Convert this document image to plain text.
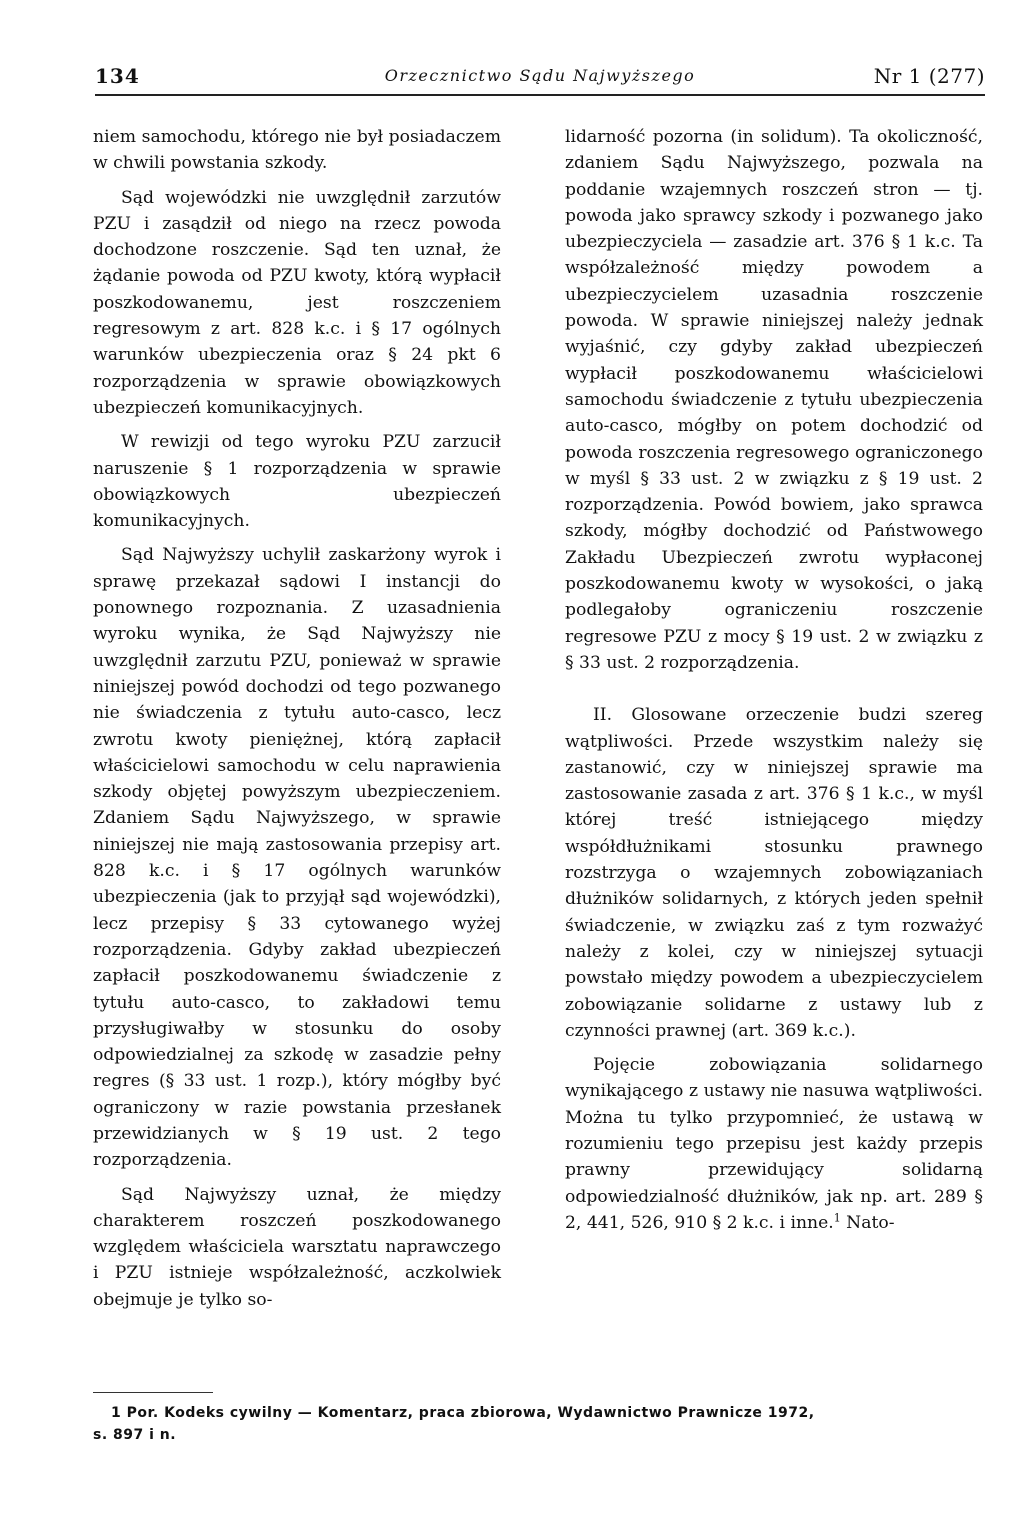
134	Orzecznictwo Sądu Najwyższego	Nr 1 (277)

niem samochodu, którego nie był posiadaczem w chwili powstania szkody.

Sąd wojewódzki nie uwzględnił zarzutów PZU i zasądził od niego na rzecz powoda dochodzone roszczenie. Sąd ten uznał, że żądanie powoda od PZU kwoty, którą wypłacił poszkodowanemu, jest roszczeniem regresowym z art. 828 k.c. i § 17 ogólnych warunków ubezpieczenia oraz § 24 pkt 6 rozporządzenia w sprawie obowiązkowych ubezpieczeń komunikacyjnych.

W rewizji od tego wyroku PZU zarzucił naruszenie § 1 rozporządzenia w sprawie obowiązkowych ubezpieczeń komunikacyjnych.

Sąd Najwyższy uchylił zaskarżony wyrok i sprawę przekazał sądowi I instancji do ponownego rozpoznania. Z uzasadnienia wyroku wynika, że Sąd Najwyższy nie uwzględnił zarzutu PZU, ponieważ w sprawie niniejszej powód dochodzi od tego pozwanego nie świadczenia z tytułu auto-casco, lecz zwrotu kwoty pieniężnej, którą zapłacił właścicielowi samochodu w celu naprawienia szkody objętej powyższym ubezpieczeniem. Zdaniem Sądu Najwyższego, w sprawie niniejszej nie mają zastosowania przepisy art. 828 k.c. i § 17 ogólnych warunków ubezpieczenia (jak to przyjął sąd wojewódzki), lecz przepisy § 33 cytowanego wyżej rozporządzenia. Gdyby zakład ubezpieczeń zapłacił poszkodowanemu świadczenie z tytułu auto-casco, to zakładowi temu przysługiwałby w stosunku do osoby odpowiedzialnej za szkodę w zasadzie pełny regres (§ 33 ust. 1 rozp.), który mógłby być ograniczony w razie powstania przesłanek przewidzianych w § 19 ust. 2 tego rozporządzenia.

Sąd Najwyższy uznał, że między charakterem roszczeń poszkodowanego względem właściciela warsztatu naprawczego i PZU istnieje współzależność, aczkolwiek obejmuje je tylko so-

lidarność pozorna (in solidum). Ta okoliczność, zdaniem Sądu Najwyższego, pozwala na poddanie wzajemnych roszczeń stron — tj. powoda jako sprawcy szkody i pozwanego jako ubezpieczyciela — zasadzie art. 376 § 1 k.c. Ta współzależność między powodem a ubezpieczycielem uzasadnia roszczenie powoda. W sprawie niniejszej należy jednak wyjaśnić, czy gdyby zakład ubezpieczeń wypłacił poszkodowanemu właścicielowi samochodu świadczenie z tytułu ubezpieczenia auto-casco, mógłby on potem dochodzić od powoda roszczenia regresowego ograniczonego w myśl § 33 ust. 2 w związku z § 19 ust. 2 rozporządzenia. Powód bowiem, jako sprawca szkody, mógłby dochodzić od Państwowego Zakładu Ubezpieczeń zwrotu wypłaconej poszkodowanemu kwoty w wysokości, o jaką podlegałoby ograniczeniu roszczenie regresowe PZU z mocy § 19 ust. 2 w związku z § 33 ust. 2 rozporządzenia.

II. Glosowane orzeczenie budzi szereg wątpliwości. Przede wszystkim należy się zastanowić, czy w niniejszej sprawie ma zastosowanie zasada z art. 376 § 1 k.c., w myśl której treść istniejącego między współdłużnikami stosunku prawnego rozstrzyga o wzajemnych zobowiązaniach dłużników solidarnych, z których jeden spełnił świadczenie, w związku zaś z tym rozważyć należy z kolei, czy w niniejszej sytuacji powstało między powodem a ubezpieczycielem zobowiązanie solidarne z ustawy lub z czynności prawnej (art. 369 k.c.).

Pojęcie zobowiązania solidarnego wynikającego z ustawy nie nasuwa wątpliwości. Można tu tylko przypomnieć, że ustawą w rozumieniu tego przepisu jest każdy przepis prawny przewidujący solidarną odpowiedzialność dłużników, jak np. art. 289 § 2, 441, 526, 910 § 2 k.c. i inne.$^1$ Nato-

1 Por. Kodeks cywilny — Komentarz, praca zbiorowa, Wydawnictwo Prawnicze 1972,
s. 897 i n.
